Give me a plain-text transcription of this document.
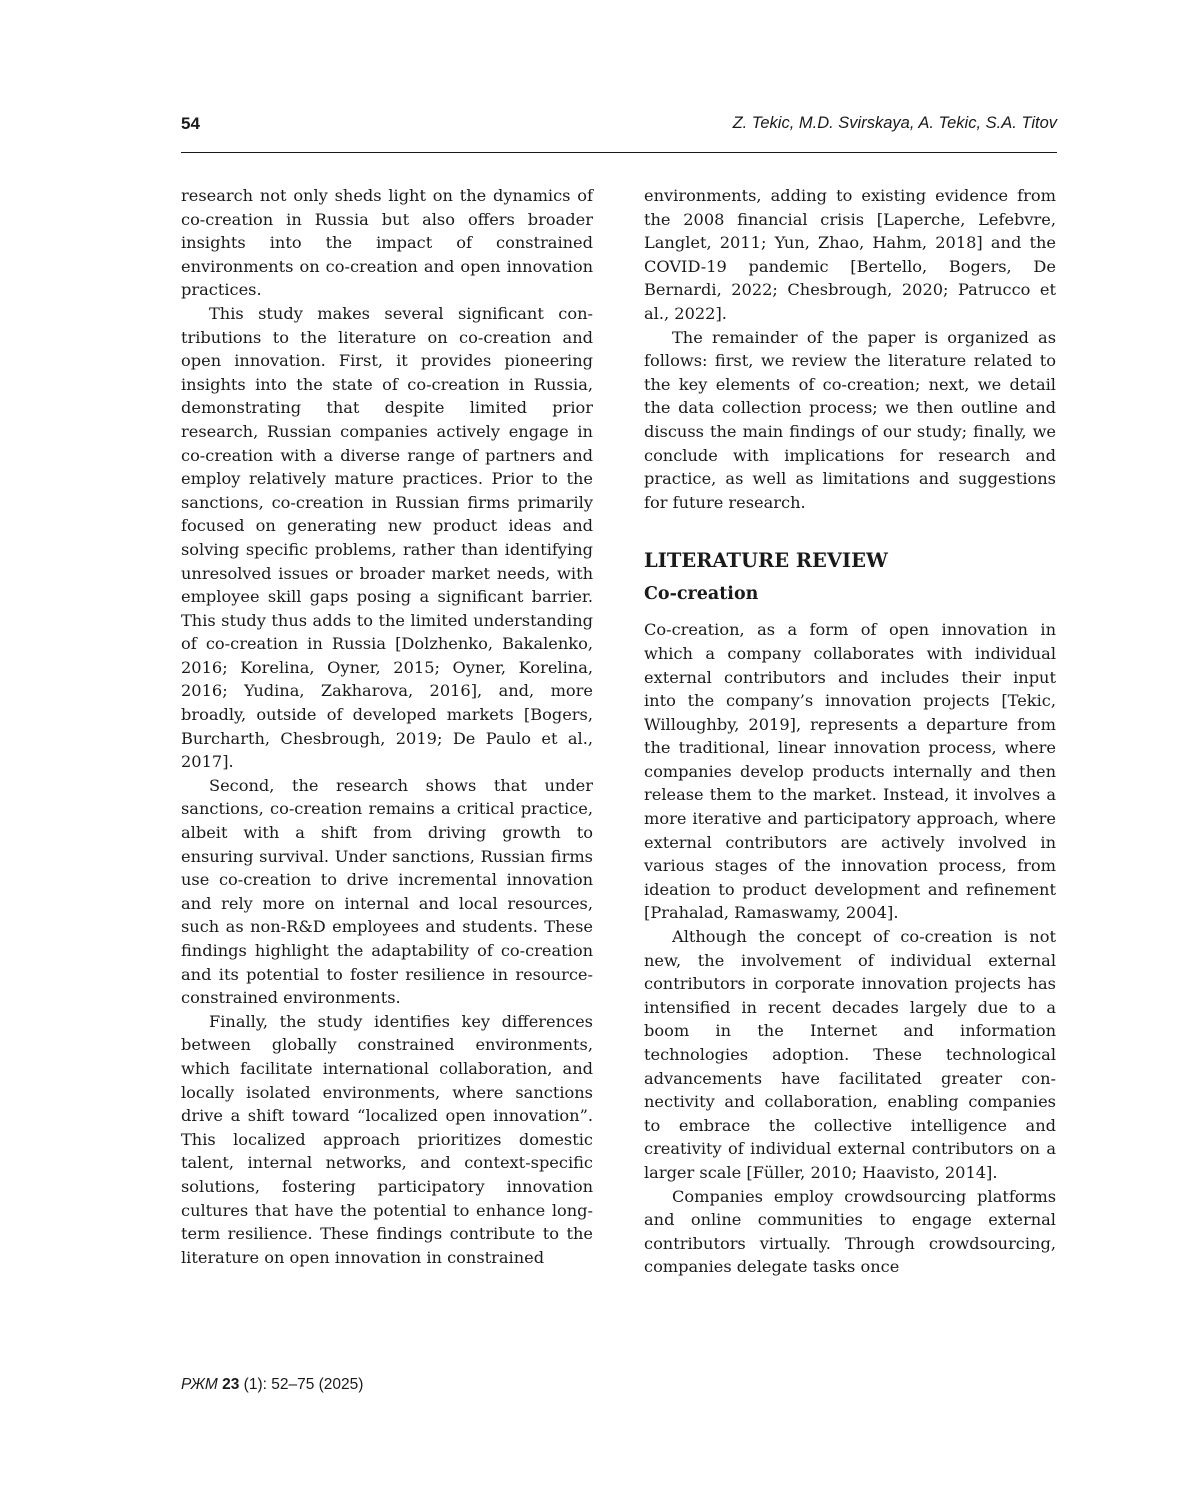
54	Z. Tekic, M.D. Svirskaya, A. Tekic, S.A. Titov

research not only sheds light on the dynamics of co-creation in Russia but also offers broader insights into the impact of constrained environments on co-creation and open innovation practices.

This study makes several significant contributions to the literature on co-creation and open innovation. First, it provides pioneering insights into the state of co-creation in Russia, demonstrating that despite limited prior research, Russian companies actively engage in co-creation with a diverse range of partners and employ relatively mature practices. Prior to the sanctions, co-creation in Russian firms primarily focused on generating new product ideas and solving specific problems, rather than identifying unresolved issues or broader market needs, with employee skill gaps posing a significant barrier. This study thus adds to the limited understanding of co-creation in Russia [Dolzhenko, Bakalenko, 2016; Korelina, Oyner, 2015; Oyner, Korelina, 2016; Yudina, Zakharova, 2016], and, more broadly, outside of developed markets [Bogers, Burcharth, Chesbrough, 2019; De Paulo et al., 2017].

Second, the research shows that under sanctions, co-creation remains a critical practice, albeit with a shift from driving growth to ensuring survival. Under sanctions, Russian firms use co-creation to drive incremental innovation and rely more on internal and local resources, such as non-R&D employees and students. These findings highlight the adaptability of co-creation and its potential to foster resilience in resource-constrained environments.

Finally, the study identifies key differences between globally constrained environments, which facilitate international collaboration, and locally isolated environments, where sanctions drive a shift toward “localized open innovation”. This localized approach prioritizes domestic talent, internal networks, and context-specific solutions, fostering participatory innovation cultures that have the potential to enhance long-term resilience. These findings contribute to the literature on open innovation in constrained

environments, adding to existing evidence from the 2008 financial crisis [Laperche, Lefebvre, Langlet, 2011; Yun, Zhao, Hahm, 2018] and the COVID-19 pandemic [Bertello, Bogers, De Bernardi, 2022; Chesbrough, 2020; Patrucco et al., 2022].

The remainder of the paper is organized as follows: first, we review the literature related to the key elements of co-creation; next, we detail the data collection process; we then outline and discuss the main findings of our study; finally, we conclude with implications for research and practice, as well as limitations and suggestions for future research.

LITERATURE REVIEW
Co-creation

Co-creation, as a form of open innovation in which a company collaborates with individual external contributors and includes their input into the company’s innovation projects [Tekic, Willoughby, 2019], represents a departure from the traditional, linear innovation process, where companies develop products internally and then release them to the market. Instead, it involves a more iterative and participatory approach, where external contributors are actively involved in various stages of the innovation process, from ideation to product development and refinement [Prahalad, Ramaswamy, 2004].

Although the concept of co-creation is not new, the involvement of individual external contributors in corporate innovation projects has intensified in recent decades largely due to a boom in the Internet and information technologies adoption. These technological advancements have facilitated greater connectivity and collaboration, enabling companies to embrace the collective intelligence and creativity of individual external contributors on a larger scale [Füller, 2010; Haavisto, 2014].

Companies employ crowdsourcing platforms and online communities to engage external contributors virtually. Through crowdsourcing, companies delegate tasks once

РЖМ 23 (1): 52–75 (2025)
